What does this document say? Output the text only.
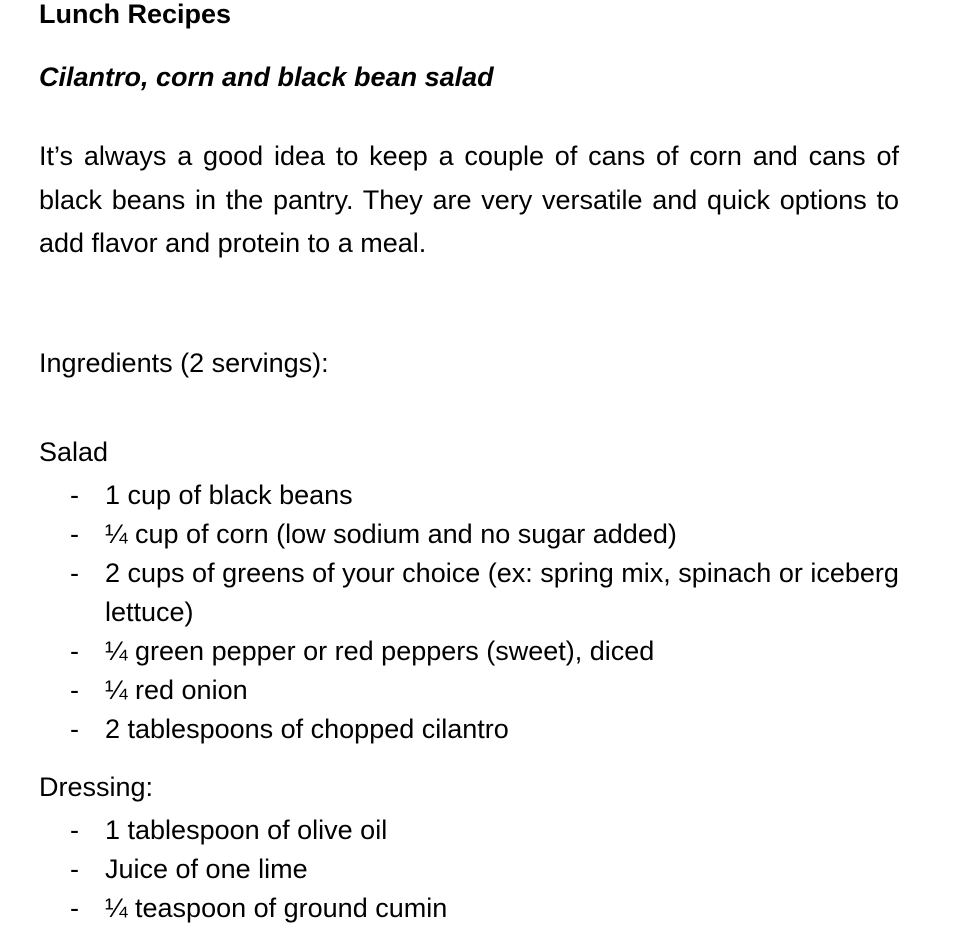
Lunch Recipes
Cilantro, corn and black bean salad

It’s always a good idea to keep a couple of cans of corn and cans of black beans in the pantry. They are very versatile and quick options to add flavor and protein to a meal.

Ingredients (2 servings):

Salad

- 1 cup of black beans
- ¼ cup of corn (low sodium and no sugar added)
- 2 cups of greens of your choice (ex: spring mix, spinach or iceberg lettuce)
- ¼ green pepper or red peppers (sweet), diced
- ¼ red onion
- 2 tablespoons of chopped cilantro

Dressing:

- 1 tablespoon of olive oil
- Juice of one lime
- ¼ teaspoon of ground cumin
